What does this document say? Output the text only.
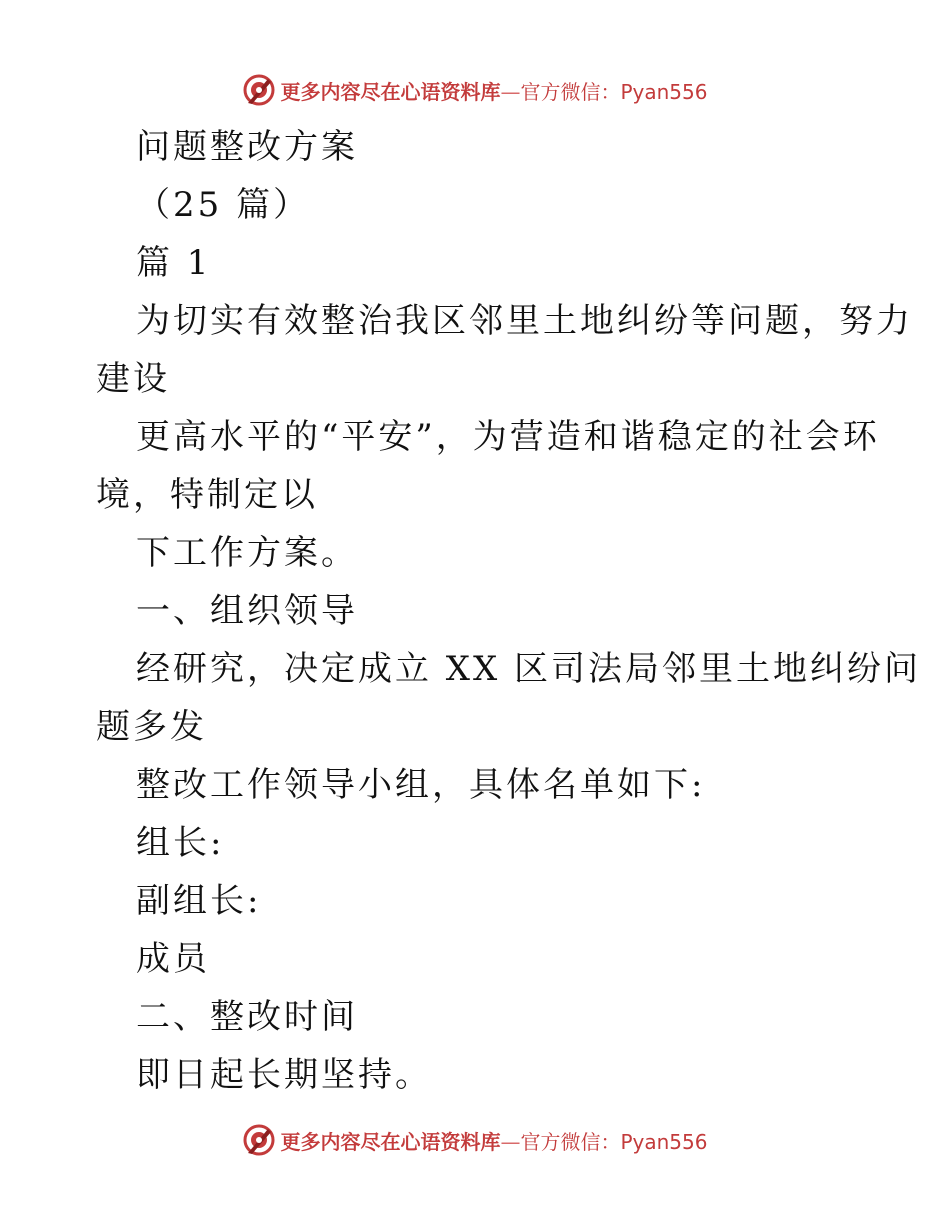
更多内容尽在心语资料库—官方微信：Pyan556
问题整改方案
（25 篇）
篇 1
为切实有效整治我区邻里土地纠纷等问题，努力
建设
更高水平的“平安”，为营造和谐稳定的社会环
境，特制定以
下工作方案。
一、组织领导
经研究，决定成立 XX 区司法局邻里土地纠纷问
题多发
整改工作领导小组，具体名单如下:
组长:
副组长:
成员
二、整改时间
即日起长期坚持。
更多内容尽在心语资料库—官方微信：Pyan556
